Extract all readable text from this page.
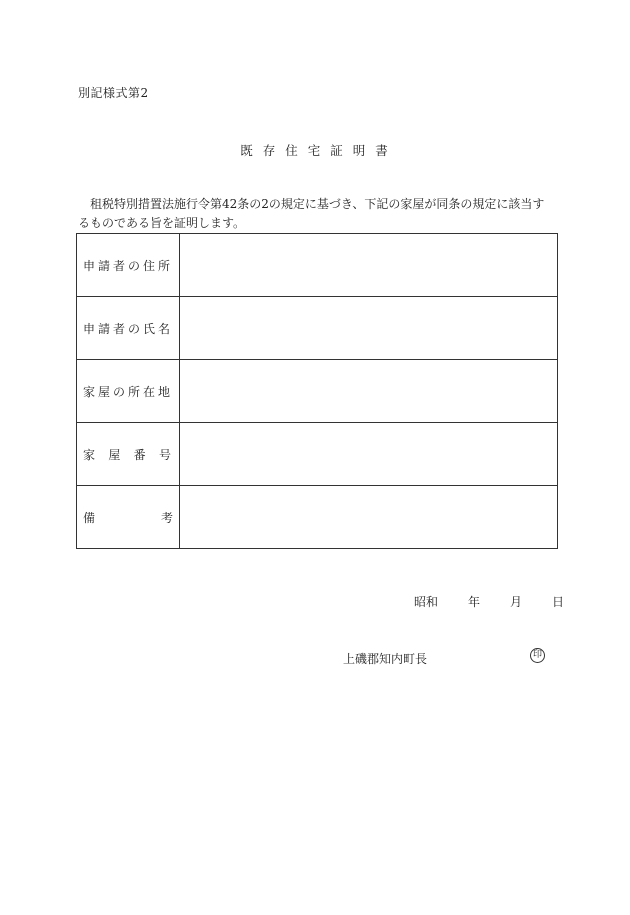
別記様式第2
既存住宅証明書
租税特別措置法施行令第42条の2の規定に基づき、下記の家屋が同条の規定に該当す
るものである旨を証明します。
申請者の住所	

申請者の氏名	

家屋の所在地	

家 屋 番 号	

備 考	

昭和	年	月	日
上磯郡知内町長	印
